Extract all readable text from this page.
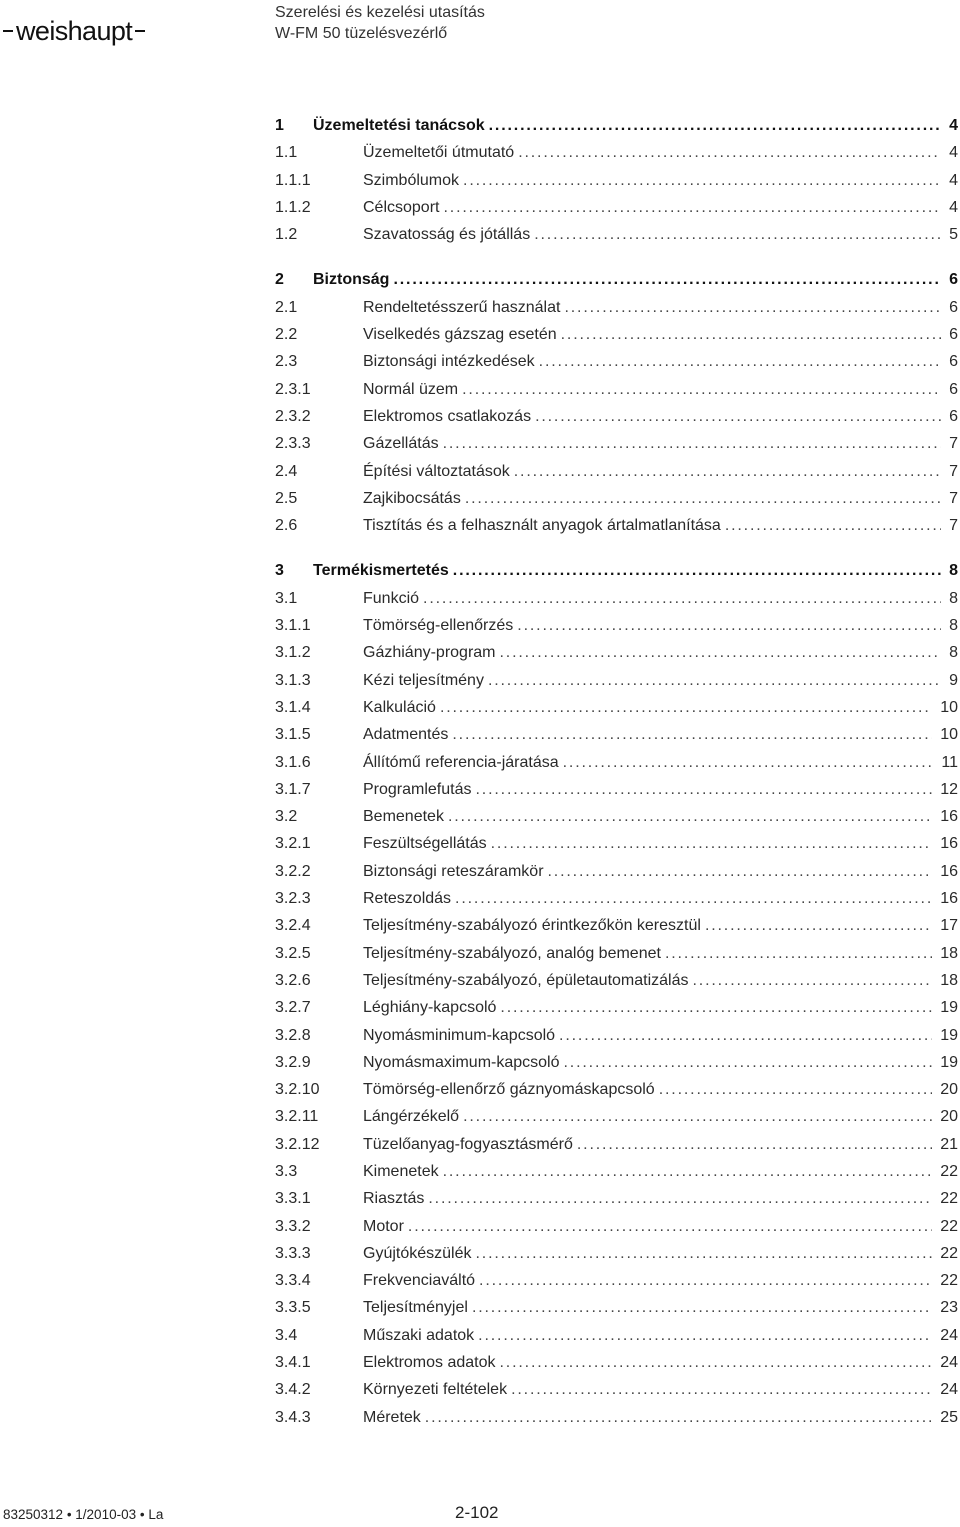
weishaupt
Szerelési és kezelési utasítás
W-FM 50 tüzelésvezérlő
1	Üzemeltetési tanácsok . . .	4
1.1	Üzemeltetői útmutató . . .	4
1.1.1	Szimbólumok . . .	4
1.1.2	Célcsoport . . .	4
1.2	Szavatosság és jótállás . . .	5
2	Biztonság . . .	6
2.1	Rendeltetésszerű használat . . .	6
2.2	Viselkedés gázszag esetén . . .	6
2.3	Biztonsági intézkedések . . .	6
2.3.1	Normál üzem . . .	6
2.3.2	Elektromos csatlakozás . . .	6
2.3.3	Gázellátás . . .	7
2.4	Építési változtatások . . .	7
2.5	Zajkibocsátás . . .	7
2.6	Tisztítás és a felhasznált anyagok ártalmatlanítása . . .	7
3	Termékismertetés . . .	8
3.1	Funkció . . .	8
3.1.1	Tömörség-ellenőrzés . . .	8
3.1.2	Gázhiány-program . . .	8
3.1.3	Kézi teljesítmény . . .	9
3.1.4	Kalkuláció . . .	10
3.1.5	Adatmentés . . .	10
3.1.6	Állítómű referencia-járatása . . .	11
3.1.7	Programlefutás . . .	12
3.2	Bemenetek . . .	16
3.2.1	Feszültségellátás . . .	16
3.2.2	Biztonsági reteszáramkör . . .	16
3.2.3	Reteszoldás . . .	16
3.2.4	Teljesítmény-szabályozó érintkezőkön keresztül . . .	17
3.2.5	Teljesítmény-szabályozó, analóg bemenet . . .	18
3.2.6	Teljesítmény-szabályozó, épületautomatizálás . . .	18
3.2.7	Léghiány-kapcsoló . . .	19
3.2.8	Nyomásminimum-kapcsoló . . .	19
3.2.9	Nyomásmaximum-kapcsoló . . .	19
3.2.10	Tömörség-ellenőrző gáznyomáskapcsoló . . .	20
3.2.11	Lángérzékelő . . .	20
3.2.12	Tüzelőanyag-fogyasztásmérő . . .	21
3.3	Kimenetek . . .	22
3.3.1	Riasztás . . .	22
3.3.2	Motor . . .	22
3.3.3	Gyújtókészülék . . .	22
3.3.4	Frekvenciaváltó . . .	22
3.3.5	Teljesítményjel . . .	23
3.4	Műszaki adatok . . .	24
3.4.1	Elektromos adatok . . .	24
3.4.2	Környezeti feltételek . . .	24
3.4.3	Méretek . . .	25
83250312 • 1/2010-03 • La	2-102
